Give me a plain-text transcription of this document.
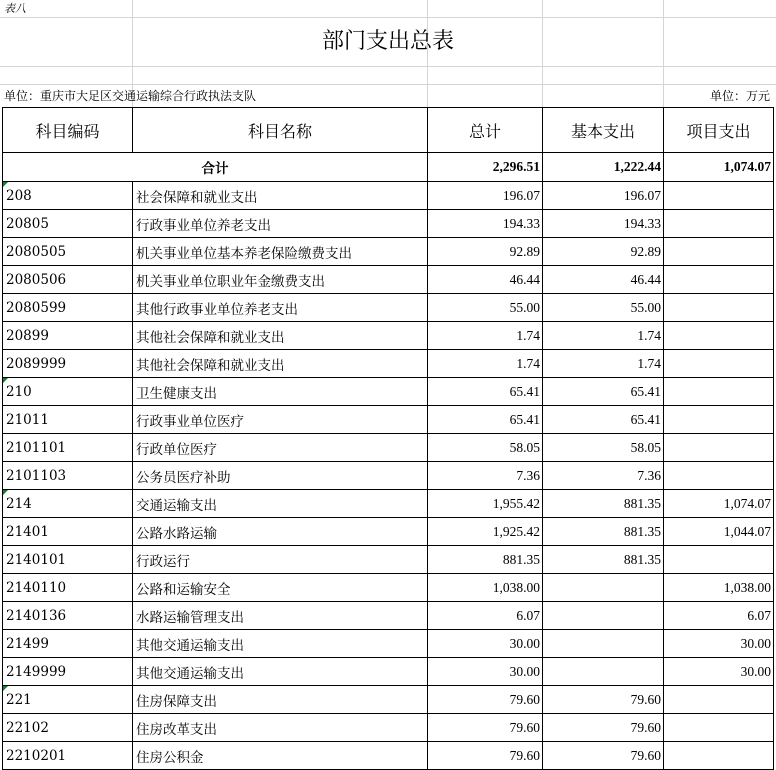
表八
部门支出总表
单位：重庆市大足区交通运输综合行政执法支队	单位：万元
科目编码	科目名称	总计	基本支出	项目支出
合计		2,296.51	1,222.44	1,074.07
208	社会保障和就业支出	196.07	196.07	
20805	行政事业单位养老支出	194.33	194.33	
2080505	机关事业单位基本养老保险缴费支出	92.89	92.89	
2080506	机关事业单位职业年金缴费支出	46.44	46.44	
2080599	其他行政事业单位养老支出	55.00	55.00	
20899	其他社会保障和就业支出	1.74	1.74	
2089999	其他社会保障和就业支出	1.74	1.74	
210	卫生健康支出	65.41	65.41	
21011	行政事业单位医疗	65.41	65.41	
2101101	行政单位医疗	58.05	58.05	
2101103	公务员医疗补助	7.36	7.36	
214	交通运输支出	1,955.42	881.35	1,074.07
21401	公路水路运输	1,925.42	881.35	1,044.07
2140101	行政运行	881.35	881.35	
2140110	公路和运输安全	1,038.00		1,038.00
2140136	水路运输管理支出	6.07		6.07
21499	其他交通运输支出	30.00		30.00
2149999	其他交通运输支出	30.00		30.00
221	住房保障支出	79.60	79.60	
22102	住房改革支出	79.60	79.60	
2210201	住房公积金	79.60	79.60	
